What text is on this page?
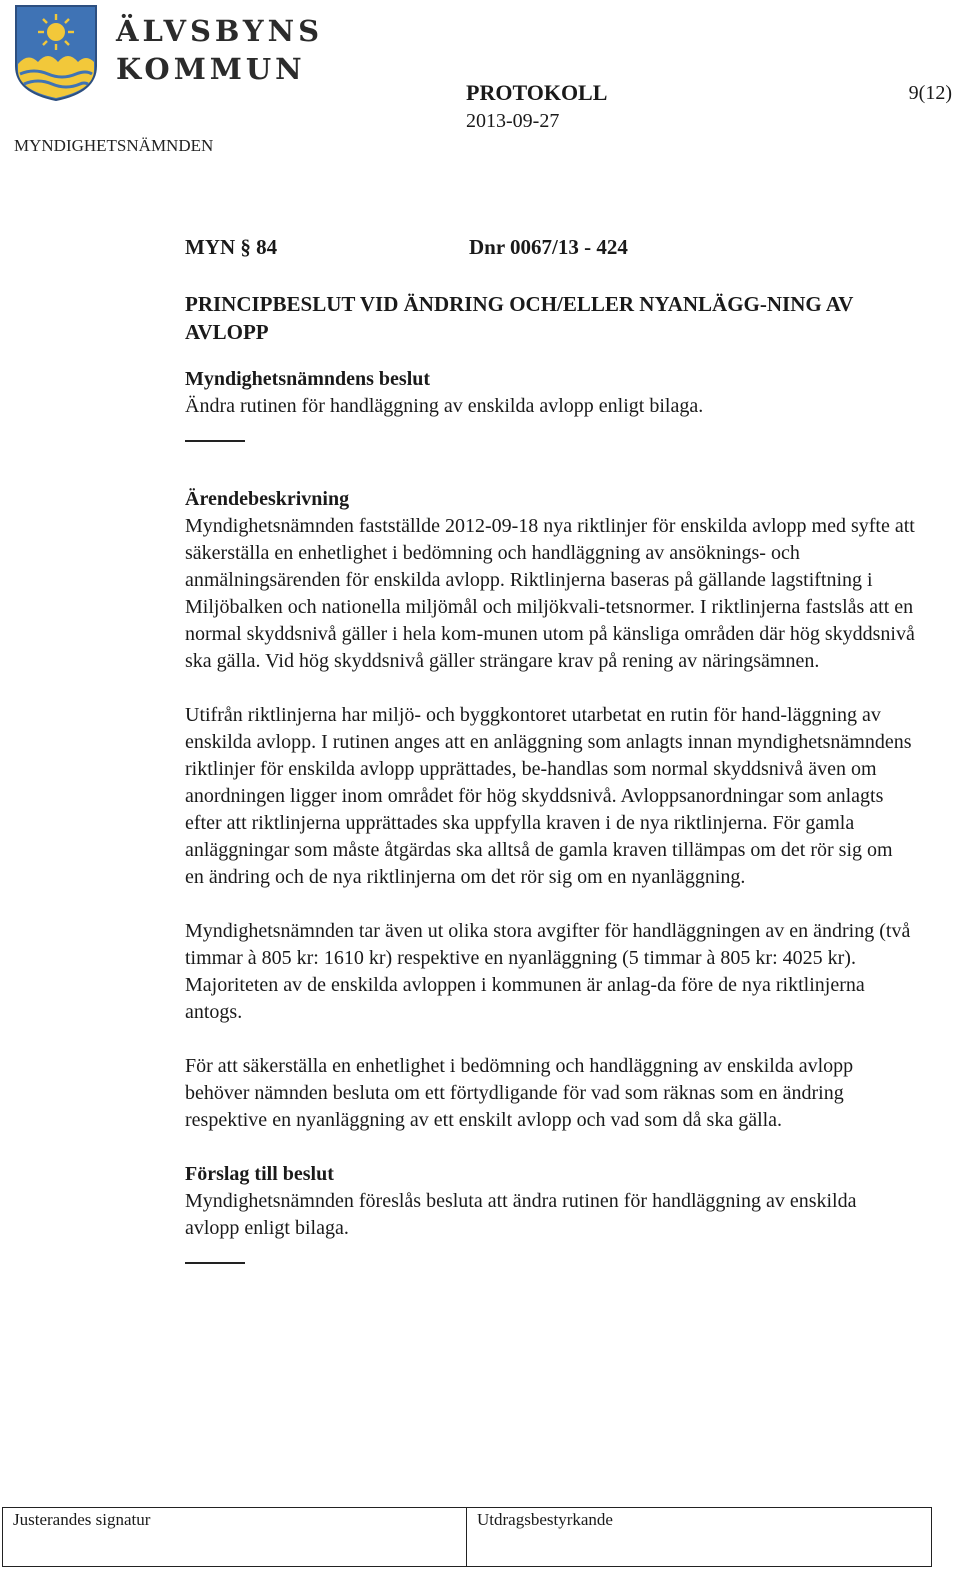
ÄLVSBYNS
KOMMUN
MYNDIGHETSNÄMNDEN
PROTOKOLL
2013-09-27
9(12)
MYN § 84	Dnr 0067/13 - 424
PRINCIPBESLUT VID ÄNDRING OCH/ELLER NYANLÄGG-NING AV AVLOPP
Myndighetsnämndens beslut

Ändra rutinen för handläggning av enskilda avlopp enligt bilaga.

Ärendebeskrivning

Myndighetsnämnden fastställde 2012-09-18 nya riktlinjer för enskilda avlopp med syfte att säkerställa en enhetlighet i bedömning och handläggning av ansöknings- och anmälningsärenden för enskilda avlopp. Riktlinjerna baseras på gällande lagstiftning i Miljöbalken och nationella miljömål och miljökvali-tetsnormer. I riktlinjerna fastslås att en normal skyddsnivå gäller i hela kom-munen utom på känsliga områden där hög skyddsnivå ska gälla. Vid hög skyddsnivå gäller strängare krav på rening av näringsämnen.

Utifrån riktlinjerna har miljö- och byggkontoret utarbetat en rutin för hand-läggning av enskilda avlopp. I rutinen anges att en anläggning som anlagts innan myndighetsnämndens riktlinjer för enskilda avlopp upprättades, be-handlas som normal skyddsnivå även om anordningen ligger inom området för hög skyddsnivå. Avloppsanordningar som anlagts efter att riktlinjerna upprättades ska uppfylla kraven i de nya riktlinjerna. För gamla anläggningar som måste åtgärdas ska alltså de gamla kraven tillämpas om det rör sig om en ändring och de nya riktlinjerna om det rör sig om en nyanläggning.

Myndighetsnämnden tar även ut olika stora avgifter för handläggningen av en ändring (två timmar à 805 kr: 1610 kr) respektive en nyanläggning (5 timmar à 805 kr: 4025 kr). Majoriteten av de enskilda avloppen i kommunen är anlag-da före de nya riktlinjerna antogs.

För att säkerställa en enhetlighet i bedömning och handläggning av enskilda avlopp behöver nämnden besluta om ett förtydligande för vad som räknas som en ändring respektive en nyanläggning av ett enskilt avlopp och vad som då ska gälla.

Förslag till beslut

Myndighetsnämnden föreslås besluta att ändra rutinen för handläggning av enskilda avlopp enligt bilaga.

Justerandes signatur	Utdragsbestyrkande
